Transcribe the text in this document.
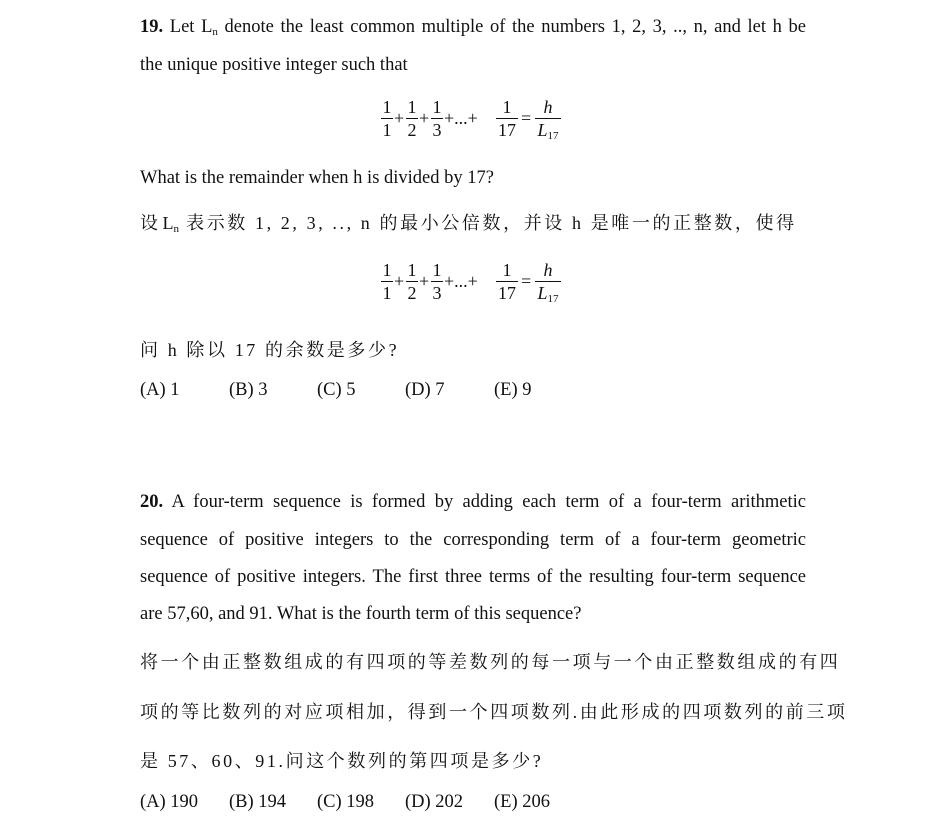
19. Let $L_n$ denote the least common multiple of the numbers 1, 2, 3, .., n, and let h be
the unique positive integer such that
1
1
+
1
2
+
1
3
+...+
1
17
=
h
$L_{17}$
What is the remainder when h is divided by 17?
设 $L_n$ 表示数 1, 2, 3, .., n 的最小公倍数，并设 h 是唯一的正整数，使得
1
1
+
1
2
+
1
3
+...+
1
17
=
h
$L_{17}$
问 h 除以 17 的余数是多少?
(A) 1	(B) 3	(C) 5	(D) 7	(E) 9
20. A four-term sequence is formed by adding each term of a four-term arithmetic
sequence of positive integers to the corresponding term of a four-term geometric
sequence of positive integers. The first three terms of the resulting four-term sequence
are 57,60, and 91. What is the fourth term of this sequence?
将一个由正整数组成的有四项的等差数列的每一项与一个由正整数组成的有四
项的等比数列的对应项相加，得到一个四项数列.由此形成的四项数列的前三项
是 57、60、91.问这个数列的第四项是多少?
(A) 190 (B) 194 (C) 198 (D) 202 (E) 206
